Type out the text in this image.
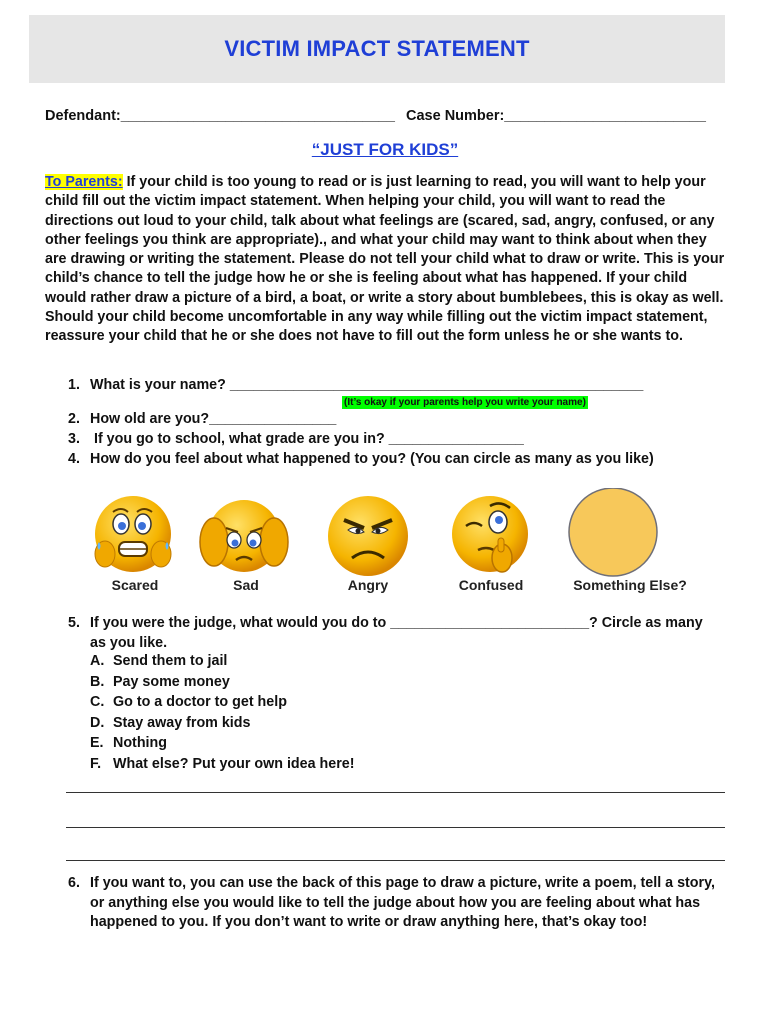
VICTIM IMPACT STATEMENT
Defendant:__________________________________ Case Number:_________________________
“JUST FOR KIDS”
To Parents: If your child is too young to read or is just learning to read, you will want to help your child fill out the victim impact statement. When helping your child, you will want to read the directions out loud to your child, talk about what feelings are (scared, sad, angry, confused, or any other feelings you think are appropriate)., and what your child may want to think about when they are drawing or writing the statement. Please do not tell your child what to draw or write. This is your child’s chance to tell the judge how he or she is feeling about what has happened. If your child would rather draw a picture of a bird, a boat, or write a story about bumblebees, this is okay as well. Should your child become uncomfortable in any way while filling out the victim impact statement, reassure your child that he or she does not have to fill out the form unless he or she wants to.
1. What is your name? ____________________________________________________
(It’s okay if your parents help you write your name)
2. How old are you?________________
3. If you go to school, what grade are you in? _________________
4. How do you feel about what happened to you? (You can circle as many as you like)
Scared	Sad	Angry	Confused	Something Else?
5. If you were the judge, what would you do to _________________________? Circle as many
as you like.
A. Send them to jail
B. Pay some money
C. Go to a doctor to get help
D. Stay away from kids
E. Nothing
F. What else? Put your own idea here!
6. If you want to, you can use the back of this page to draw a picture, write a poem, tell a story, or anything else you would like to tell the judge about how you are feeling about what has happened to you. If you don’t want to write or draw anything here, that’s okay too!
